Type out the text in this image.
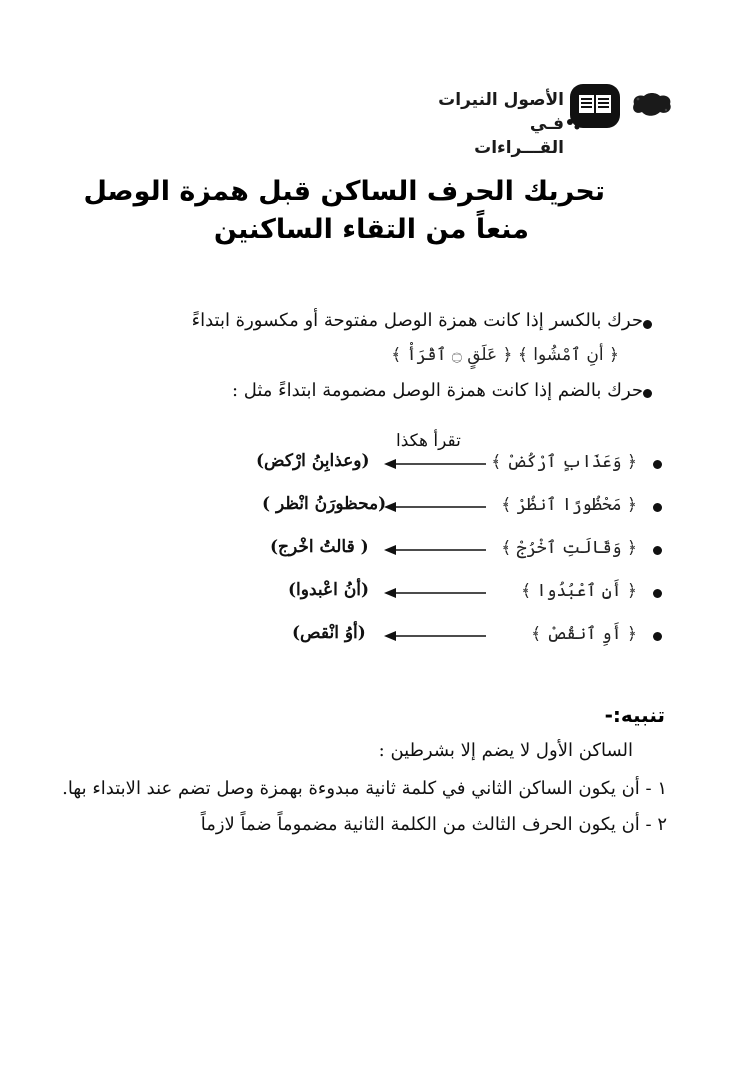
الأصول النيرات
فـي القـــراءات
تحريك الحرف الساكن قبل همزة الوصل
منعاً من التقاء الساكنين
حرك بالكسر إذا كانت همزة الوصل مفتوحة أو مكسورة ابتداءً
﴿ أنِ ٱمْشُوا ﴾ ﴿ عَلَقٍ ۝ ٱقْرَأْ ﴾
حرك بالضم إذا كانت همزة الوصل مضمومة ابتداءً مثل :
تقرأ هكذا
﴿ وَعَذَابٍ ٱرْكُضْ ﴾
(وعذابِنُ ارْكض)
﴿ مَحْظُورًا ٱنظُرْ ﴾
(محظورَنُ انْظر )
﴿ وَقَالَتِ ٱخْرُجْ ﴾
( قالتُ اخْرج)
﴿ أَنِ ٱعْبُدُوا ﴾
(أنُ اعْبدوا)
﴿ أَوِ ٱنقُصْ ﴾
(أوُ انْقص)
تنبيه:-
الساكن الأول لا يضم إلا بشرطين :
١ - أن يكون الساكن الثاني في كلمة ثانية مبدوءة بهمزة وصل تضم عند الابتداء بها.
٢ - أن يكون الحرف الثالث من الكلمة الثانية مضموماً ضماً لازماً
